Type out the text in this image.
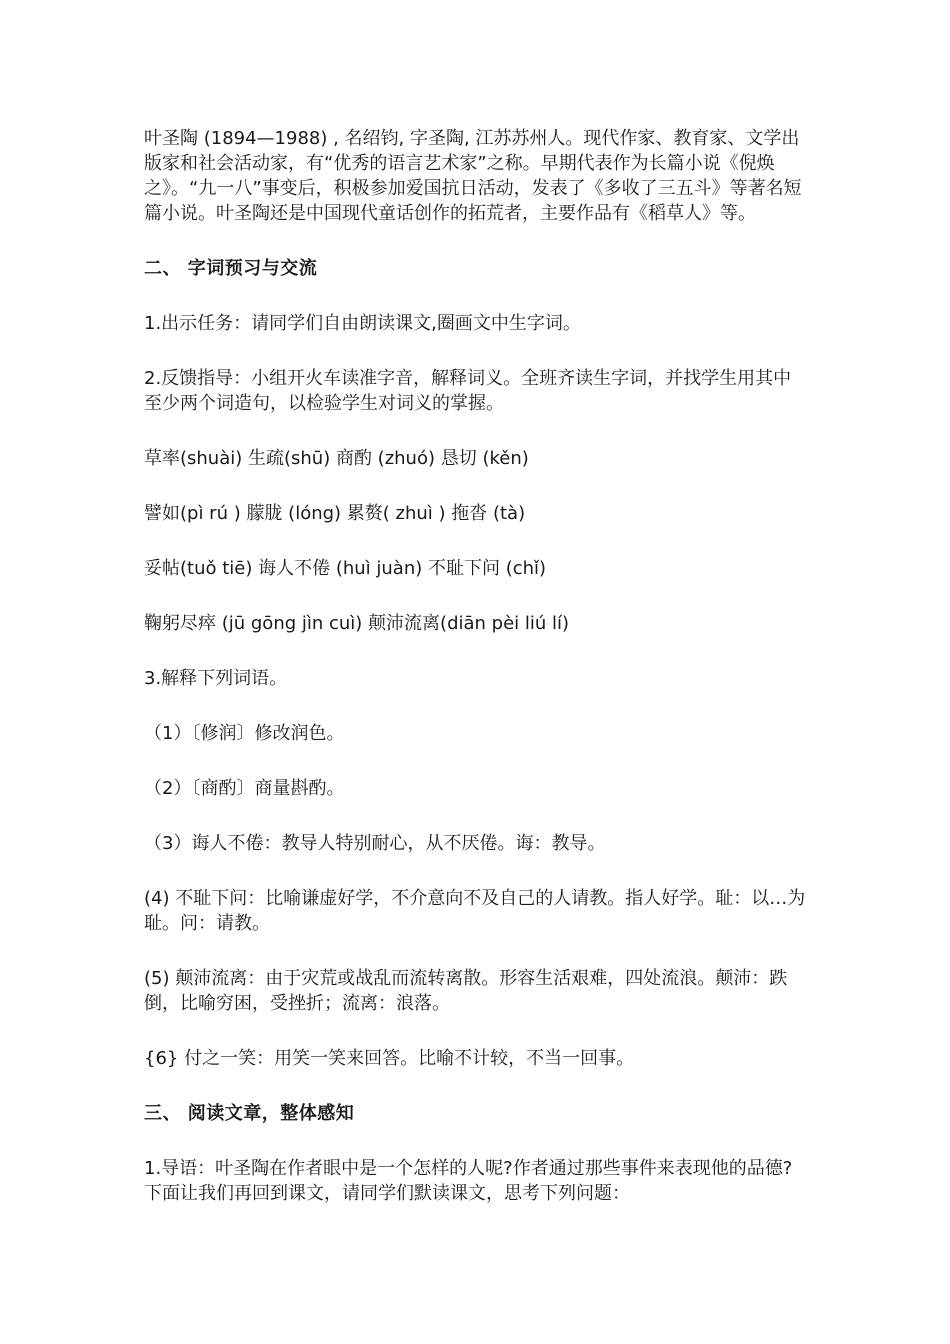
叶圣陶 (1894—1988) , 名绍钧, 字圣陶, 江苏苏州人。现代作家、教育家、文学出版家和社会活动家，有“优秀的语言艺术家”之称。早期代表作为长篇小说《倪焕之》。“九一八”事变后，积极参加爱国抗日活动，发表了《多收了三五斗》等著名短篇小说。叶圣陶还是中国现代童话创作的拓荒者，主要作品有《稻草人》等。

二、 字词预习与交流

1.出示任务：请同学们自由朗读课文,圈画文中生字词。

2.反馈指导：小组开火车读准字音，解释词义。全班齐读生字词，并找学生用其中至少两个词造句，以检验学生对词义的掌握。

草率(shuài) 生疏(shū) 商酌 (zhuó) 恳切 (kěn)

譬如(pì rú ) 朦胧 (lóng) 累赘( zhuì ) 拖沓 (tà)

妥帖(tuǒ tiē) 诲人不倦 (huì juàn) 不耻下问 (chǐ)

鞠躬尽瘁 (jū gōng jìn cuì) 颠沛流离(diān pèi liú lí)

3.解释下列词语。

（1）〔修润〕修改润色。

（2）〔商酌〕商量斟酌。

（3）诲人不倦：教导人特别耐心，从不厌倦。诲：教导。

(4) 不耻下问：比喻谦虚好学，不介意向不及自己的人请教。指人好学。耻：以…为耻。问：请教。

(5) 颠沛流离：由于灾荒或战乱而流转离散。形容生活艰难，四处流浪。颠沛：跌倒，比喻穷困，受挫折；流离：浪落。

{6} 付之一笑：用笑一笑来回答。比喻不计较，不当一回事。

三、 阅读文章，整体感知

1.导语：叶圣陶在作者眼中是一个怎样的人呢?作者通过那些事件来表现他的品德?下面让我们再回到课文，请同学们默读课文，思考下列问题：
